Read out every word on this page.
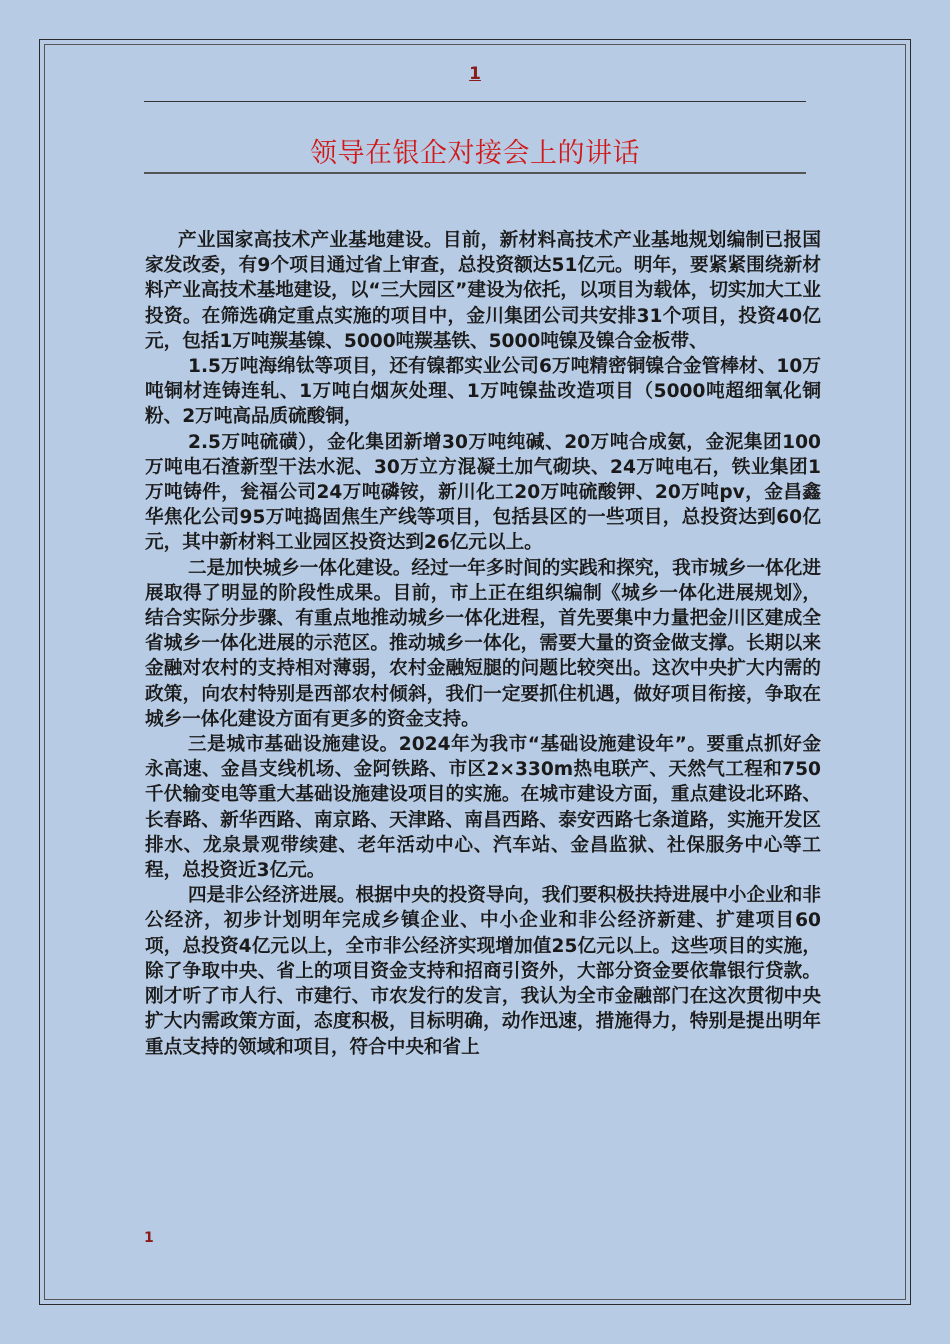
1
领导在银企对接会上的讲话

产业国家高技术产业基地建设。目前，新材料高技术产业基地规划编制已报国家发改委，有9个项目通过省上审查，总投资额达51亿元。明年，要紧紧围绕新材料产业高技术基地建设，以“三大园区”建设为依托，以项目为载体，切实加大工业投资。在筛选确定重点实施的项目中，金川集团公司共安排31个项目，投资40亿元，包括1万吨羰基镍、5000吨羰基铁、5000吨镍及镍合金板带、

1.5万吨海绵钛等项目，还有镍都实业公司6万吨精密铜镍合金管棒材、10万吨铜材连铸连轧、1万吨白烟灰处理、1万吨镍盐改造项目（5000吨超细氧化铜粉、2万吨高品质硫酸铜，

2.5万吨硫磺），金化集团新增30万吨纯碱、20万吨合成氨，金泥集团100万吨电石渣新型干法水泥、30万立方混凝土加气砌块、24万吨电石，铁业集团1万吨铸件，瓮福公司24万吨磷铵，新川化工20万吨硫酸钾、20万吨pv，金昌鑫华焦化公司95万吨捣固焦生产线等项目，包括县区的一些项目，总投资达到60亿元，其中新材料工业园区投资达到26亿元以上。

二是加快城乡一体化建设。经过一年多时间的实践和探究，我市城乡一体化进展取得了明显的阶段性成果。目前，市上正在组织编制《城乡一体化进展规划》，结合实际分步骤、有重点地推动城乡一体化进程，首先要集中力量把金川区建成全省城乡一体化进展的示范区。推动城乡一体化，需要大量的资金做支撑。长期以来金融对农村的支持相对薄弱，农村金融短腿的问题比较突出。这次中央扩大内需的政策，向农村特别是西部农村倾斜，我们一定要抓住机遇，做好项目衔接，争取在城乡一体化建设方面有更多的资金支持。

三是城市基础设施建设。2024年为我市“基础设施建设年”。要重点抓好金永高速、金昌支线机场、金阿铁路、市区2×330m热电联产、天然气工程和750千伏输变电等重大基础设施建设项目的实施。在城市建设方面，重点建设北环路、长春路、新华西路、南京路、天津路、南昌西路、泰安西路七条道路，实施开发区排水、龙泉景观带续建、老年活动中心、汽车站、金昌监狱、社保服务中心等工程，总投资近3亿元。

四是非公经济进展。根据中央的投资导向，我们要积极扶持进展中小企业和非公经济，初步计划明年完成乡镇企业、中小企业和非公经济新建、扩建项目60项，总投资4亿元以上，全市非公经济实现增加值25亿元以上。这些项目的实施，除了争取中央、省上的项目资金支持和招商引资外，大部分资金要依靠银行贷款。刚才听了市人行、市建行、市农发行的发言，我认为全市金融部门在这次贯彻中央扩大内需政策方面，态度积极，目标明确，动作迅速，措施得力，特别是提出明年重点支持的领域和项目，符合中央和省上

1
